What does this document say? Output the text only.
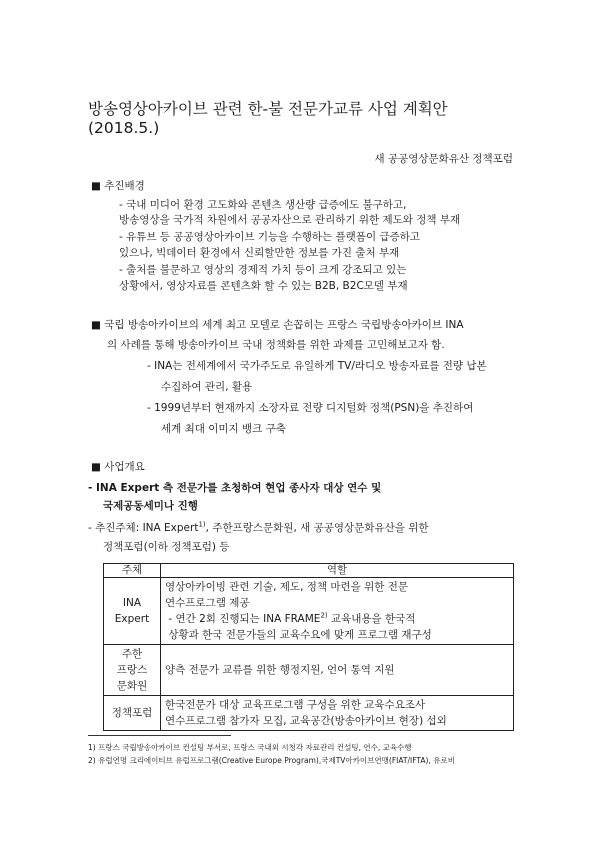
방송영상아카이브 관련 한-불 전문가교류 사업 계획안
(2018.5.)
새 공공영상문화유산 정책포럼
■ 추진배경
- 국내 미디어 환경 고도화와 콘텐츠 생산량 급증에도 불구하고,
방송영상을 국가적 차원에서 공공자산으로 관리하기 위한 제도와 정책 부재
- 유튜브 등 공공영상아카이브 기능을 수행하는 플랫폼이 급증하고
있으나, 빅데이터 환경에서 신뢰할만한 정보를 가진 출처 부재
- 출처를 불문하고 영상의 경제적 가치 등이 크게 강조되고 있는
상황에서, 영상자료를 콘텐츠화 할 수 있는 B2B, B2C모델 부재
■ 국립 방송아카이브의 세계 최고 모델로 손꼽히는 프랑스 국립방송아카이브 INA
의 사례를 통해 방송아카이브 국내 정책화를 위한 과제를 고민해보고자 함.
- INA는 전세계에서 국가주도로 유일하게 TV/라디오 방송자료를 전량 납본
수집하여 관리, 활용
- 1999년부터 현재까지 소장자료 전량 디지털화 정책(PSN)을 추진하여
세계 최대 이미지 뱅크 구축
■ 사업개요
- INA Expert 측 전문가를 초청하여 현업 종사자 대상 연수 및
국제공동세미나 진행
- 추진주체: INA Expert$^{1)}$, 주한프랑스문화원, 새 공공영상문화유산을 위한
정책포럼(이하 정책포럼) 등
주체	역할
INA
Expert	영상아카이빙 관련 기술, 제도, 정책 마련을 위한 전문
연수프로그램 제공
- 연간 2회 진행되는 INA FRAME$^{2)}$ 교육내용을 한국적
상황과 한국 전문가들의 교육수요에 맞게 프로그램 재구성
주한
프랑스
문화원	양측 전문가 교류를 위한 행정지원, 언어 통역 지원
정책포럼	한국전문가 대상 교육프로그램 구성을 위한 교육수요조사
연수프로그램 참가자 모집, 교육공간(방송아카이브 현장) 섭외
1) 프랑스 국립방송아카이브 컨설팅 부서로, 프랑스 국내외 시청각 자료관리 컨설팅, 연수, 교육수행
2) 유럽연명 크리에이티브 유럽프로그램(Creative Europe Program),국제TV아카이브연맹(FIAT/IFTA), 유로비
